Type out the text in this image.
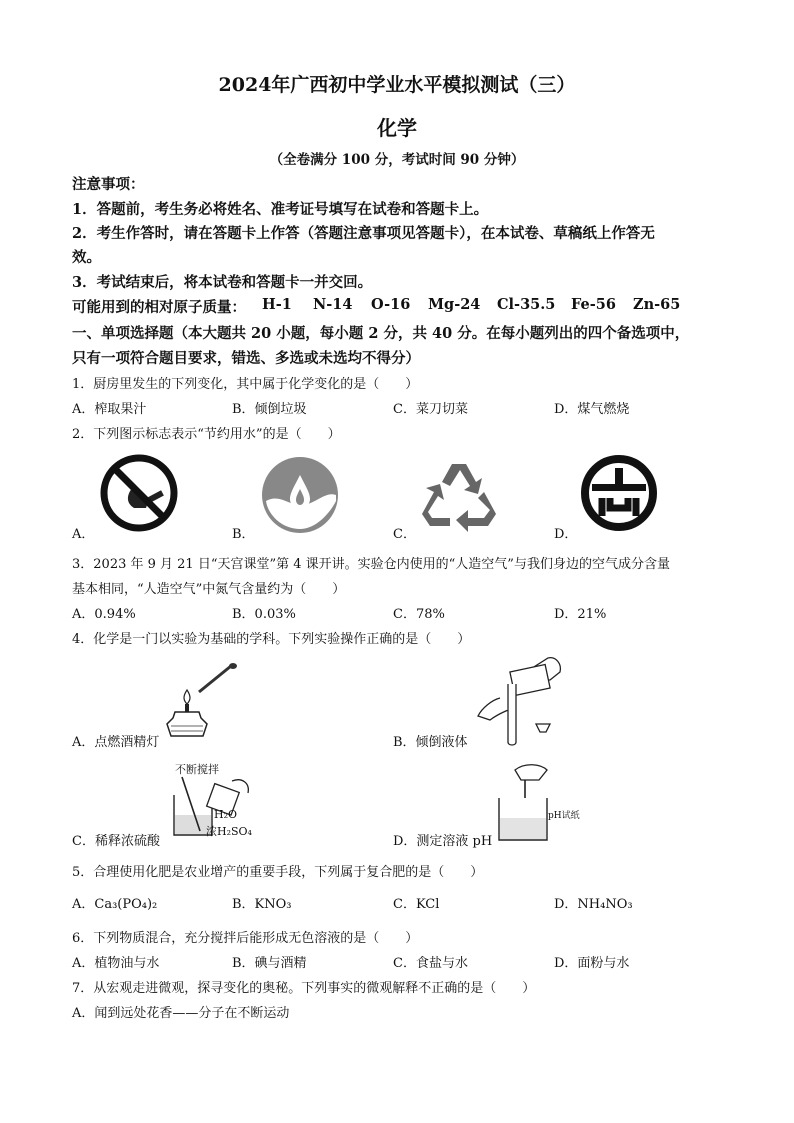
2024年广西初中学业水平模拟测试（三）
化学
（全卷满分 100 分，考试时间 90 分钟）
注意事项：
1．答题前，考生务必将姓名、准考证号填写在试卷和答题卡上。
2．考生作答时，请在答题卡上作答（答题注意事项见答题卡），在本试卷、草稿纸上作答无
效。
3．考试结束后，将本试卷和答题卡一并交回。
可能用到的相对原子质量： H-1 N-14 O-16 Mg-24 Cl-35.5 Fe-56 Zn-65
一、单项选择题（本大题共 20 小题，每小题 2 分，共 40 分。在每小题列出的四个备选项中，
只有一项符合题目要求，错选、多选或未选均不得分）
1．厨房里发生的下列变化，其中属于化学变化的是（　　）
A．榨取果汁	B．倾倒垃圾	C．菜刀切菜	D．煤气燃烧
2．下列图示标志表示“节约用水”的是（　　）
A．	B．	C．	D．
3．2023 年 9 月 21 日“天宫课堂”第 4 课开讲。实验仓内使用的“人造空气”与我们身边的空气成分含量
基本相同，“人造空气”中氮气含量约为（　　）
A．0.94%	B．0.03%	C．78%	D．21%
4．化学是一门以实验为基础的学科。下列实验操作正确的是（　　）
A．点燃酒精灯	B．倾倒液体
不断搅拌
H₂O
浓H₂SO₄
C．稀释浓硫酸
pH试纸
D．测定溶液 pH
5．合理使用化肥是农业增产的重要手段，下列属于复合肥的是（　　）
A．Ca₃(PO₄)₂	B．KNO₃	C．KCl	D．NH₄NO₃
6．下列物质混合，充分搅拌后能形成无色溶液的是（　　）
A．植物油与水	B．碘与酒精	C．食盐与水	D．面粉与水
7．从宏观走进微观，探寻变化的奥秘。下列事实的微观解释不正确的是（　　）
A．闻到远处花香——分子在不断运动
